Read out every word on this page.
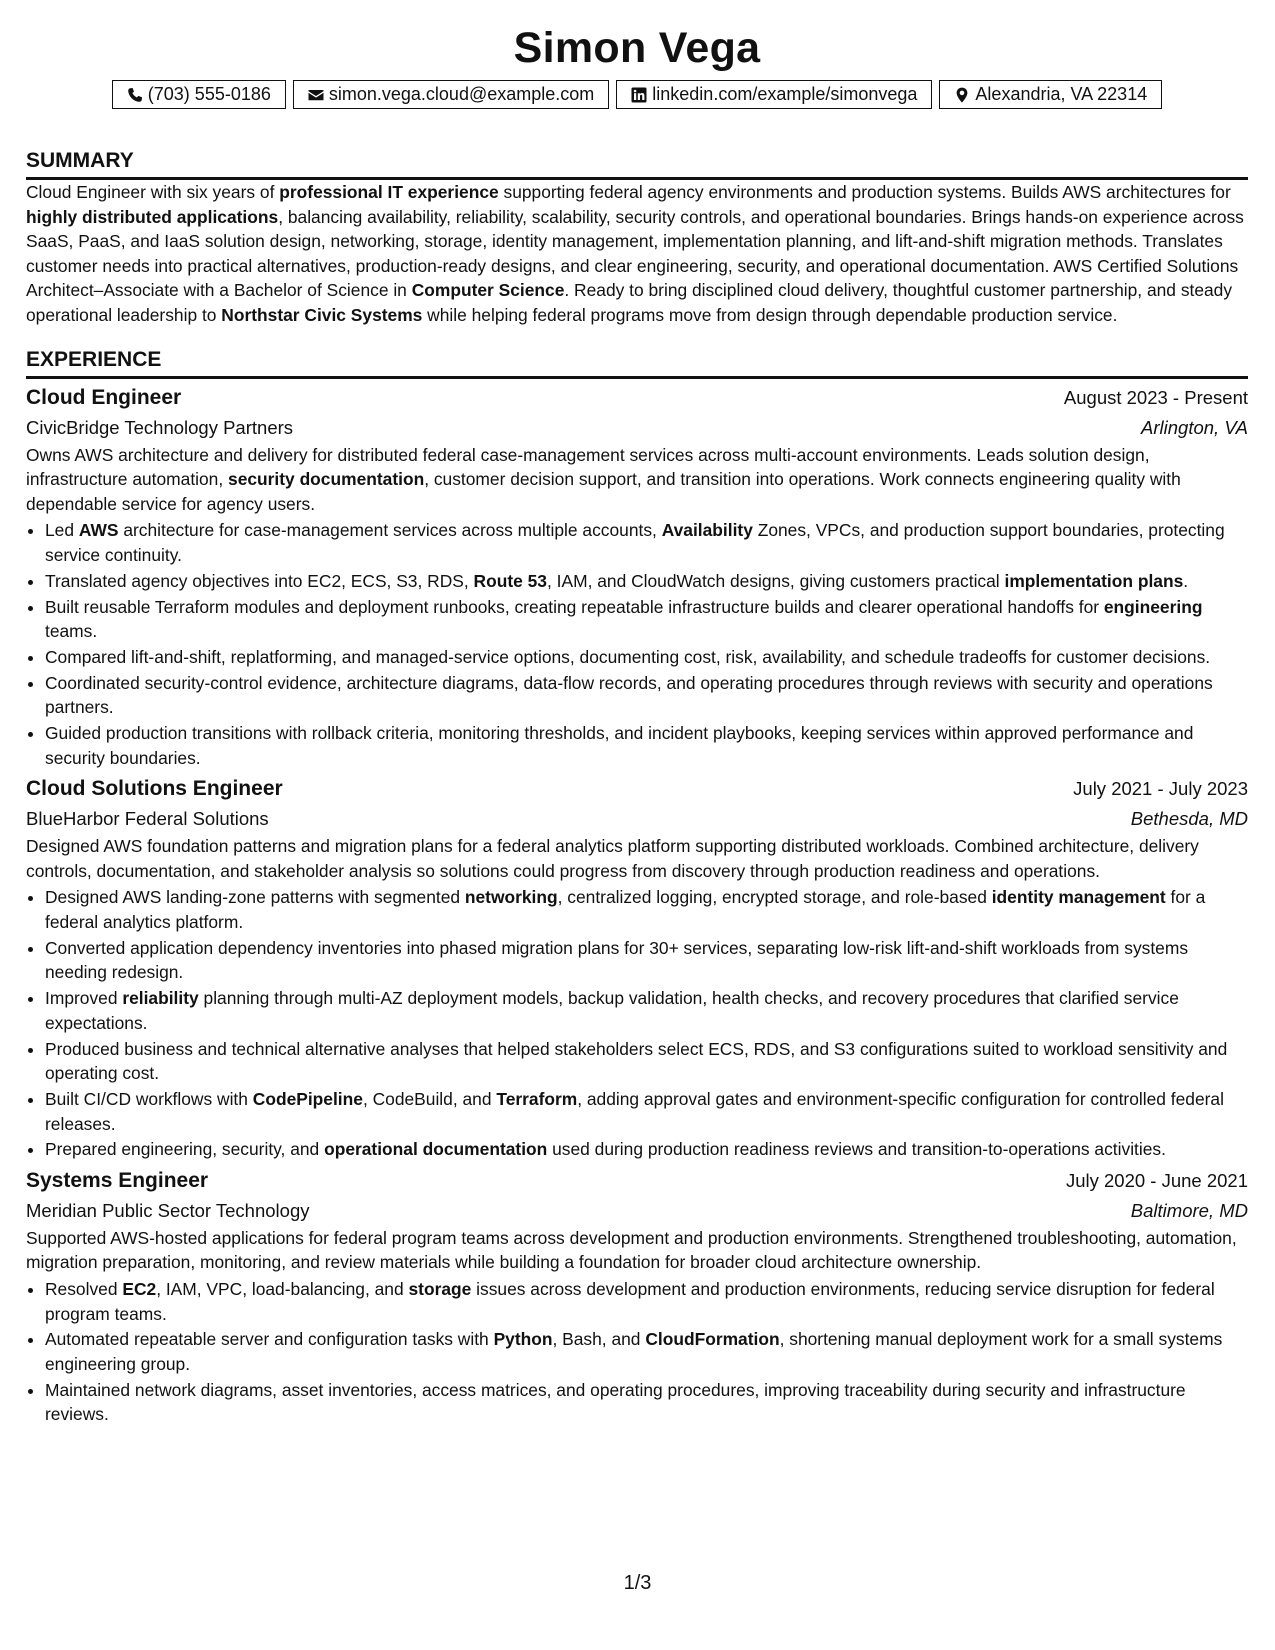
Simon Vega
(703) 555-0186	simon.vega.cloud@example.com	linkedin.com/example/simonvega	Alexandria, VA 22314
SUMMARY

Cloud Engineer with six years of professional IT experience supporting federal agency environments and production systems. Builds AWS architectures for highly distributed applications, balancing availability, reliability, scalability, security controls, and operational boundaries. Brings hands-on experience across SaaS, PaaS, and IaaS solution design, networking, storage, identity management, implementation planning, and lift-and-shift migration methods. Translates customer needs into practical alternatives, production-ready designs, and clear engineering, security, and operational documentation. AWS Certified Solutions Architect–Associate with a Bachelor of Science in Computer Science. Ready to bring disciplined cloud delivery, thoughtful customer partnership, and steady operational leadership to Northstar Civic Systems while helping federal programs move from design through dependable production service.

EXPERIENCE
Cloud Engineer	August 2023 - Present
CivicBridge Technology Partners	Arlington, VA

Owns AWS architecture and delivery for distributed federal case-management services across multi-account environments. Leads solution design, infrastructure automation, security documentation, customer decision support, and transition into operations. Work connects engineering quality with dependable service for agency users.

• Led AWS architecture for case-management services across multiple accounts, Availability Zones, VPCs, and production support boundaries, protecting service continuity.
• Translated agency objectives into EC2, ECS, S3, RDS, Route 53, IAM, and CloudWatch designs, giving customers practical implementation plans.
• Built reusable Terraform modules and deployment runbooks, creating repeatable infrastructure builds and clearer operational handoffs for engineering teams.
• Compared lift-and-shift, replatforming, and managed-service options, documenting cost, risk, availability, and schedule tradeoffs for customer decisions.
• Coordinated security-control evidence, architecture diagrams, data-flow records, and operating procedures through reviews with security and operations partners.
• Guided production transitions with rollback criteria, monitoring thresholds, and incident playbooks, keeping services within approved performance and security boundaries.
Cloud Solutions Engineer	July 2021 - July 2023
BlueHarbor Federal Solutions	Bethesda, MD

Designed AWS foundation patterns and migration plans for a federal analytics platform supporting distributed workloads. Combined architecture, delivery controls, documentation, and stakeholder analysis so solutions could progress from discovery through production readiness and operations.

• Designed AWS landing-zone patterns with segmented networking, centralized logging, encrypted storage, and role-based identity management for a federal analytics platform.
• Converted application dependency inventories into phased migration plans for 30+ services, separating low-risk lift-and-shift workloads from systems needing redesign.
• Improved reliability planning through multi-AZ deployment models, backup validation, health checks, and recovery procedures that clarified service expectations.
• Produced business and technical alternative analyses that helped stakeholders select ECS, RDS, and S3 configurations suited to workload sensitivity and operating cost.
• Built CI/CD workflows with CodePipeline, CodeBuild, and Terraform, adding approval gates and environment-specific configuration for controlled federal releases.
• Prepared engineering, security, and operational documentation used during production readiness reviews and transition-to-operations activities.
Systems Engineer	July 2020 - June 2021
Meridian Public Sector Technology	Baltimore, MD

Supported AWS-hosted applications for federal program teams across development and production environments. Strengthened troubleshooting, automation, migration preparation, monitoring, and review materials while building a foundation for broader cloud architecture ownership.

• Resolved EC2, IAM, VPC, load-balancing, and storage issues across development and production environments, reducing service disruption for federal program teams.
• Automated repeatable server and configuration tasks with Python, Bash, and CloudFormation, shortening manual deployment work for a small systems engineering group.
• Maintained network diagrams, asset inventories, access matrices, and operating procedures, improving traceability during security and infrastructure reviews.
1/3
